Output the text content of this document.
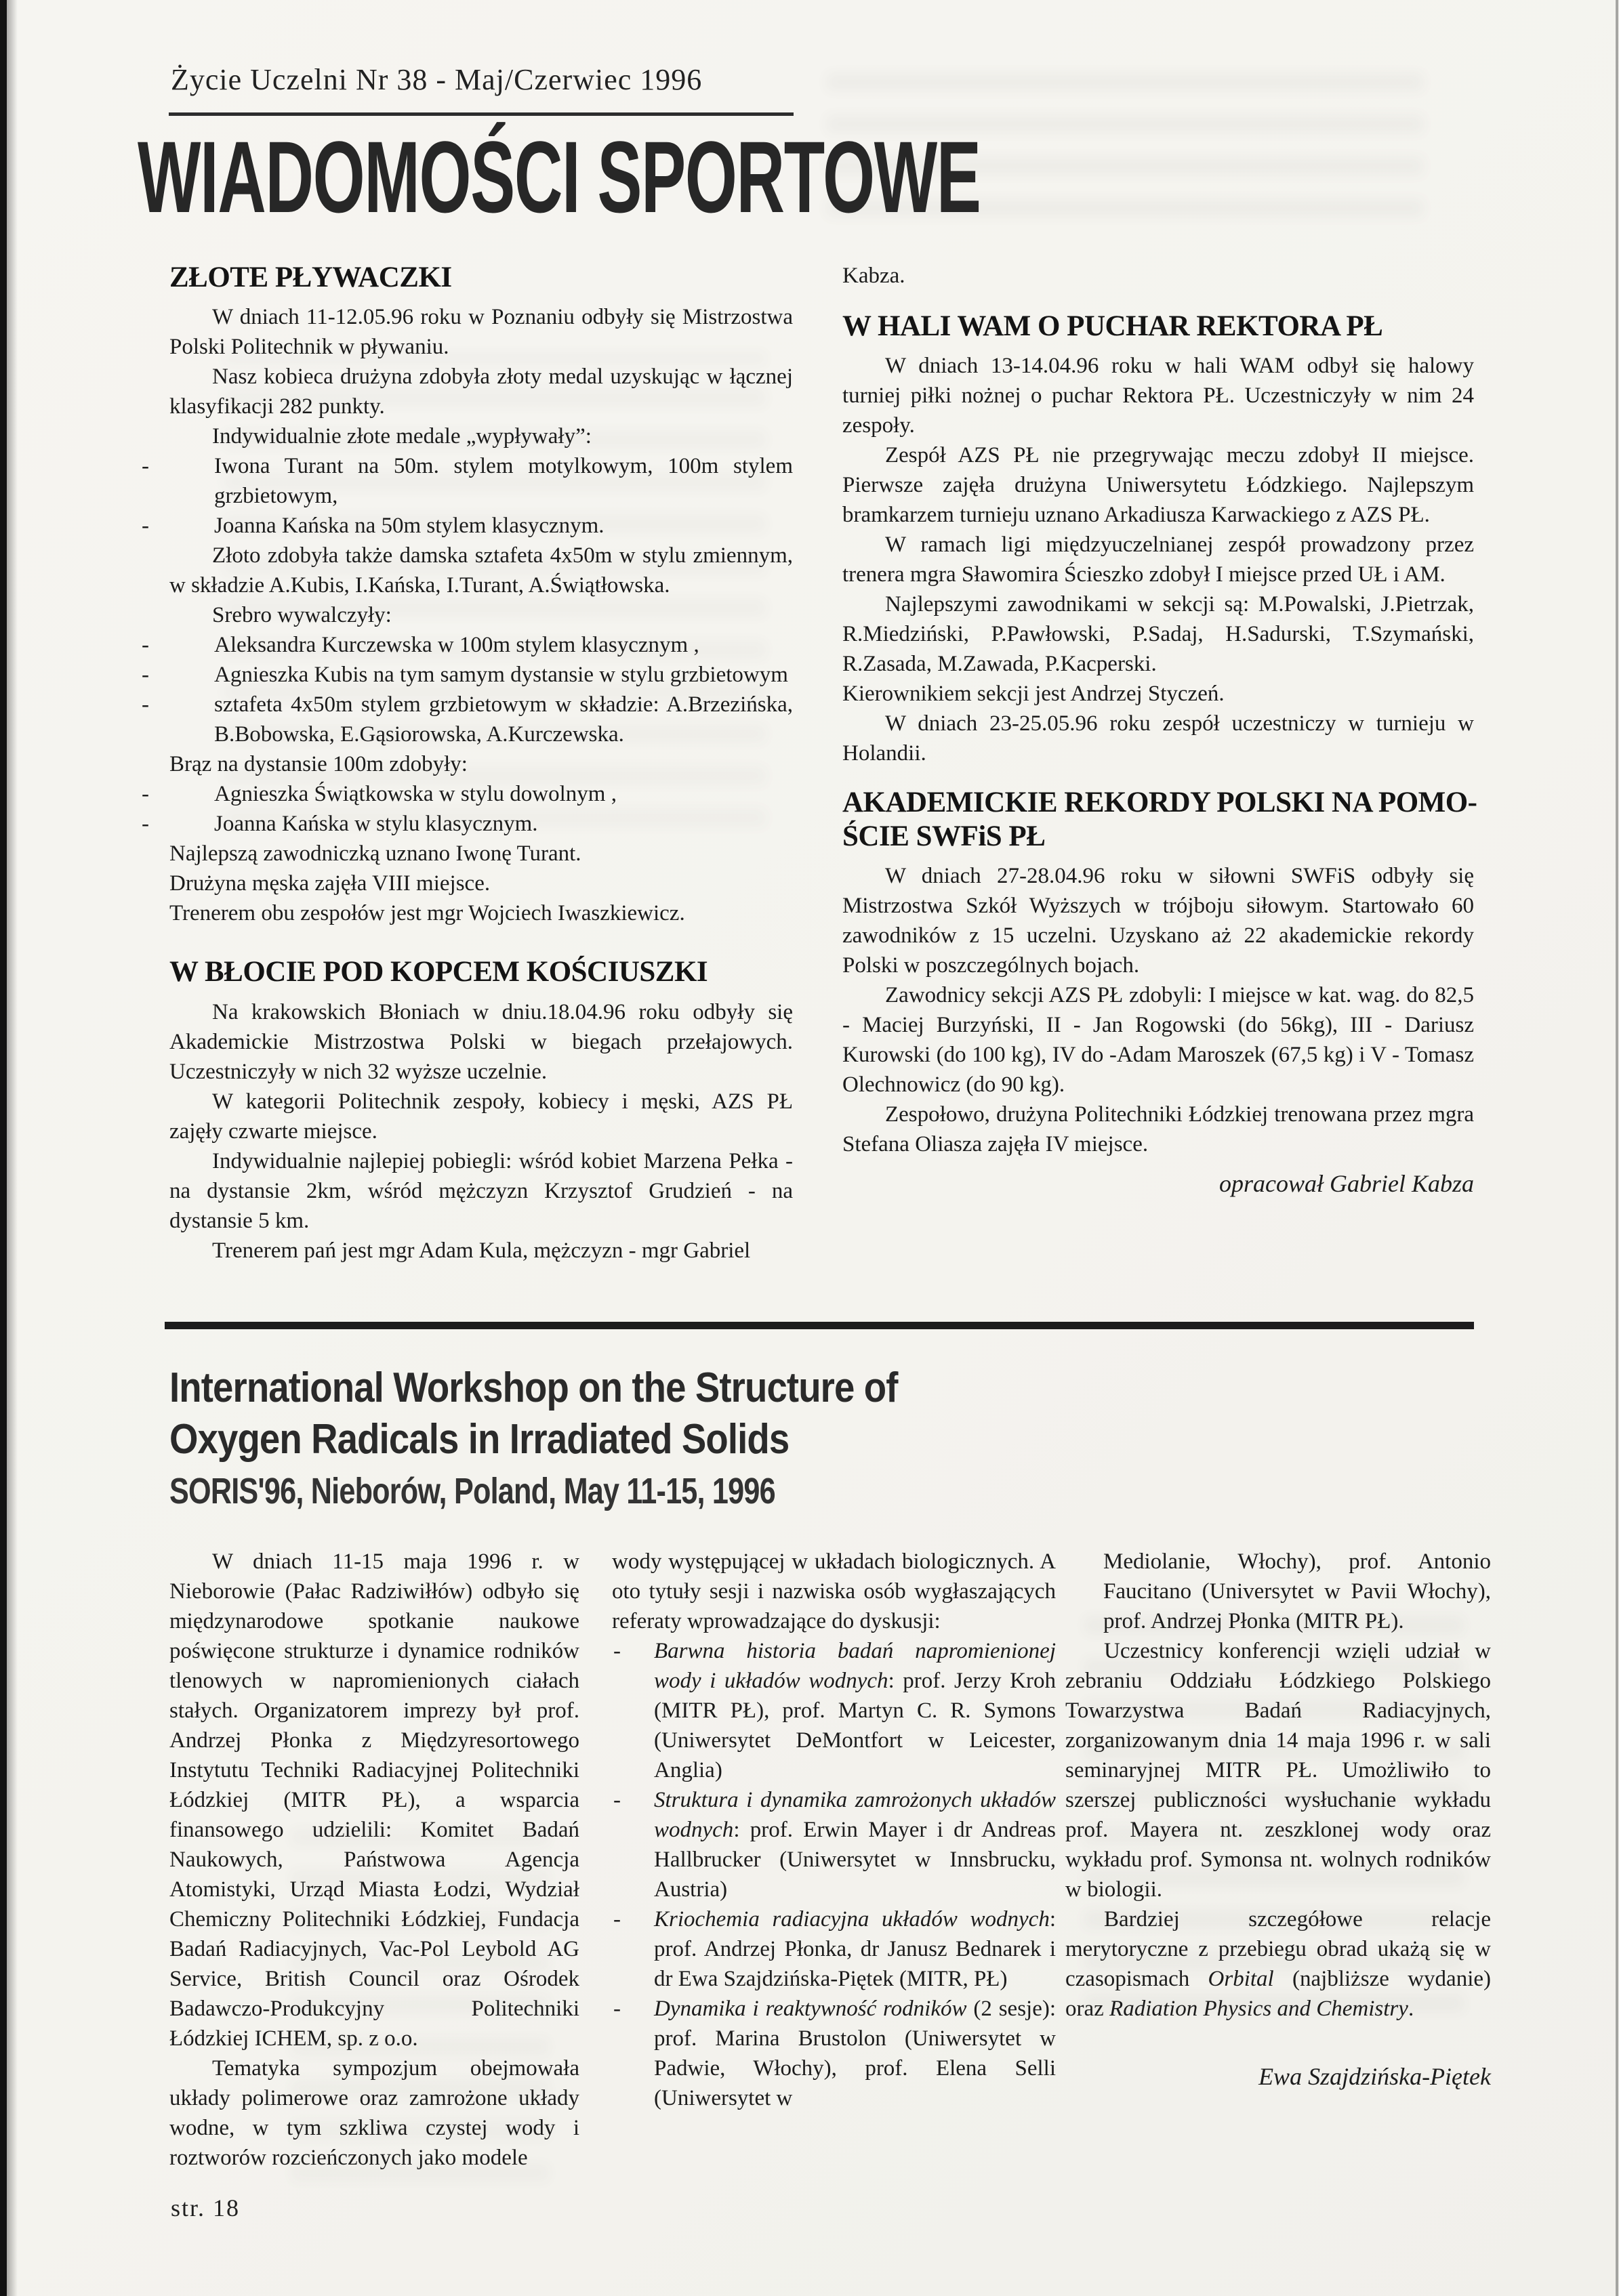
Życie Uczelni Nr 38 - Maj/Czerwiec 1996
WIADOMOŚCI SPORTOWE
ZŁOTE PŁYWACZKI
W dniach 11-12.05.96 roku w Poznaniu odbyły się Mistrzostwa Polski Politechnik w pływaniu.
Nasz kobieca drużyna zdobyła złoty medal uzyskując w łącznej klasyfikacji 282 punkty.
Indywidualnie złote medale „wypływały”:
-	Iwona Turant na 50m. stylem motylkowym, 100m stylem grzbietowym,
-	Joanna Kańska na 50m stylem klasycznym.
Złoto zdobyła także damska sztafeta 4x50m w stylu zmiennym, w składzie A.Kubis, I.Kańska, I.Turant, A.Świątłowska.
Srebro wywalczyły:
-	Aleksandra Kurczewska w 100m stylem klasycznym ,
-	Agnieszka Kubis na tym samym dystansie w stylu grzbietowym
-	sztafeta 4x50m stylem grzbietowym w składzie: A.Brzezińska, B.Bobowska, E.Gąsiorowska, A.Kurczewska.
Brąz na dystansie 100m zdobyły:
-	Agnieszka Świątkowska w stylu dowolnym ,
-	Joanna Kańska w stylu klasycznym.
Najlepszą zawodniczką uznano Iwonę Turant.
Drużyna męska zajęła VIII miejsce.
Trenerem obu zespołów jest mgr Wojciech Iwaszkiewicz.
W BŁOCIE POD KOPCEM KOŚCIUSZKI
Na krakowskich Błoniach w dniu.18.04.96 roku odbyły się Akademickie Mistrzostwa Polski w biegach przełajowych. Uczestniczyły w nich 32 wyższe uczelnie.
W kategorii Politechnik zespoły, kobiecy i męski, AZS PŁ zajęły czwarte miejsce.
Indywidualnie najlepiej pobiegli: wśród kobiet Marzena Pełka - na dystansie 2km, wśród mężczyzn Krzysztof Grudzień - na dystansie 5 km.
Trenerem pań jest mgr Adam Kula, mężczyzn - mgr Gabriel
Kabza.
W HALI WAM O PUCHAR REKTORA PŁ
W dniach 13-14.04.96 roku w hali WAM odbył się halowy turniej piłki nożnej o puchar Rektora PŁ. Uczestniczyły w nim 24 zespoły.
Zespół AZS PŁ nie przegrywając meczu zdobył II miejsce. Pierwsze zajęła drużyna Uniwersytetu Łódzkiego. Najlepszym bramkarzem turnieju uznano Arkadiusza Karwackiego z AZS PŁ.
W ramach ligi międzyuczelnianej zespół prowadzony przez trenera mgra Sławomira Ścieszko zdobył I miejsce przed UŁ i AM.
Najlepszymi zawodnikami w sekcji są: M.Powalski, J.Pietrzak, R.Miedziński, P.Pawłowski, P.Sadaj, H.Sadurski, T.Szymański, R.Zasada, M.Zawada, P.Kacperski.
Kierownikiem sekcji jest Andrzej Styczeń.
W dniach 23-25.05.96 roku zespół uczestniczy w turnieju w Holandii.
AKADEMICKIE REKORDY POLSKI NA POMO-
ŚCIE SWFiS PŁ
W dniach 27-28.04.96 roku w siłowni SWFiS odbyły się Mistrzostwa Szkół Wyższych w trójboju siłowym. Startowało 60 zawodników z 15 uczelni. Uzyskano aż 22 akademickie rekordy Polski w poszczególnych bojach.
Zawodnicy sekcji AZS PŁ zdobyli: I miejsce w kat. wag. do 82,5 - Maciej Burzyński, II - Jan Rogowski (do 56kg), III - Dariusz Kurowski (do 100 kg), IV do -Adam Maroszek (67,5 kg) i V - Tomasz Olechnowicz (do 90 kg).
Zespołowo, drużyna Politechniki Łódzkiej trenowana przez mgra Stefana Oliasza zajęła IV miejsce.
opracował Gabriel Kabza
International Workshop on the Structure of
Oxygen Radicals in Irradiated Solids
SORIS'96, Nieborów, Poland, May 11-15, 1996
W dniach 11-15 maja 1996 r. w Nieborowie (Pałac Radziwiłłów) odbyło się międzynarodowe spotkanie naukowe poświęcone strukturze i dynamice rodników tlenowych w napromienionych ciałach stałych. Organizatorem imprezy był prof. Andrzej Płonka z Międzyresortowego Instytutu Techniki Radiacyjnej Politechniki Łódzkiej (MITR PŁ), a wsparcia finansowego udzielili: Komitet Badań Naukowych, Państwowa Agencja Atomistyki, Urząd Miasta Łodzi, Wydział Chemiczny Politechniki Łódzkiej, Fundacja Badań Radiacyjnych, Vac-Pol Leybold AG Service, British Council oraz Ośrodek Badawczo-Produkcyjny Politechniki Łódzkiej ICHEM, sp. z o.o.
Tematyka sympozjum obejmowała układy polimerowe oraz zamrożone układy wodne, w tym szkliwa czystej wody i roztworów rozcieńczonych jako modele
wody występującej w układach biologicznych. A oto tytuły sesji i nazwiska osób wygłaszających referaty wprowadzające do dyskusji:
- Barwna historia badań napromienionej wody i układów wodnych: prof. Jerzy Kroh (MITR PŁ), prof. Martyn C. R. Symons (Uniwersytet DeMontfort w Leicester, Anglia)
- Struktura i dynamika zamrożonych układów wodnych: prof. Erwin Mayer i dr Andreas Hallbrucker (Uniwersytet w Innsbrucku, Austria)
- Kriochemia radiacyjna układów wodnych: prof. Andrzej Płonka, dr Janusz Bednarek i dr Ewa Szajdzińska-Piętek (MITR, PŁ)
- Dynamika i reaktywność rodników (2 sesje): prof. Marina Brustolon (Uniwersytet w Padwie, Włochy), prof. Elena Selli (Uniwersytet w
Mediolanie, Włochy), prof. Antonio Faucitano (Universytet w Pavii Włochy), prof. Andrzej Płonka (MITR PŁ).
Uczestnicy konferencji wzięli udział w zebraniu Oddziału Łódzkiego Polskiego Towarzystwa Badań Radiacyjnych, zorganizowanym dnia 14 maja 1996 r. w sali seminaryjnej MITR PŁ. Umożliwiło to szerszej publiczności wysłuchanie wykładu prof. Mayera nt. zeszklonej wody oraz wykładu prof. Symonsa nt. wolnych rodników w biologii.
Bardziej szczegółowe relacje merytoryczne z przebiegu obrad ukażą się w czasopismach Orbital (najbliższe wydanie) oraz Radiation Physics and Chemistry.
Ewa Szajdzińska-Piętek
str. 18
